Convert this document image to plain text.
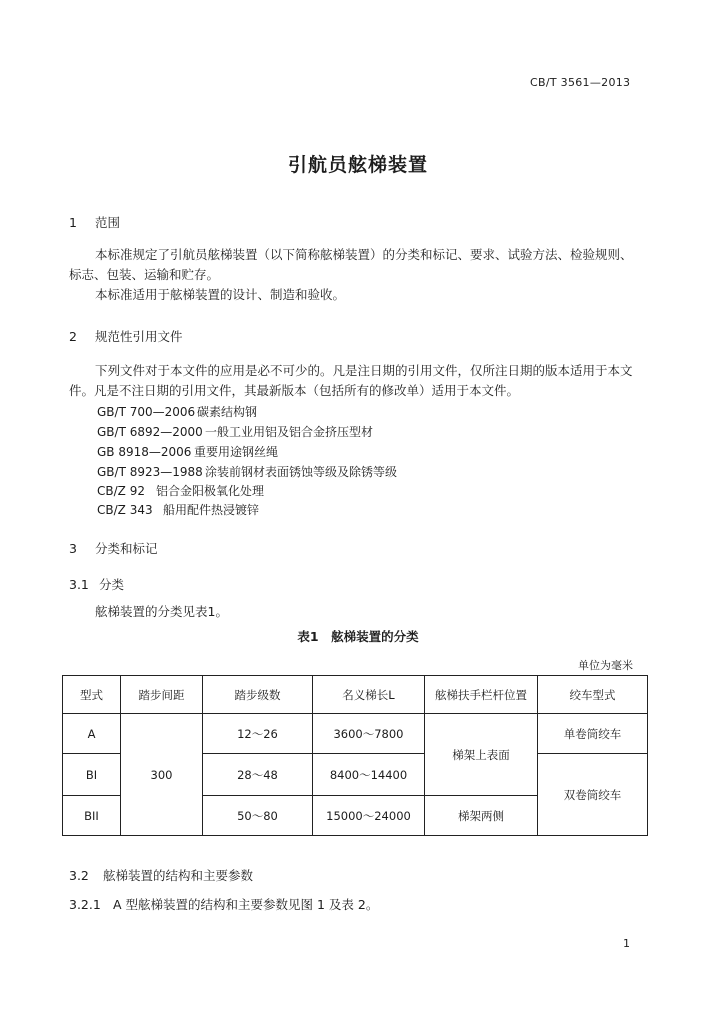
CB/T 3561—2013
引航员舷梯装置
1 范围
本标准规定了引航员舷梯装置（以下简称舷梯装置）的分类和标记、要求、试验方法、检验规则、
标志、包装、运输和贮存。
本标准适用于舷梯装置的设计、制造和验收。
2 规范性引用文件
下列文件对于本文件的应用是必不可少的。凡是注日期的引用文件，仅所注日期的版本适用于本文
件。凡是不注日期的引用文件，其最新版本（包括所有的修改单）适用于本文件。
GB/T 700—2006 碳素结构钢
GB/T 6892—2000 一般工业用铝及铝合金挤压型材
GB 8918—2006 重要用途钢丝绳
GB/T 8923—1988 涂装前钢材表面锈蚀等级及除锈等级
CB/Z 92 铝合金阳极氧化处理
CB/Z 343 船用配件热浸镀锌
3 分类和标记
3.1 分类
舷梯装置的分类见表1。
表1　舷梯装置的分类
单位为毫米
型式	踏步间距	踏步级数	名义梯长L	舷梯扶手栏杆位置	绞车型式
A	300	12～26	3600～7800	梯架上表面	单卷筒绞车
BI		28～48	8400～14400		双卷筒绞车
BII		50～80	15000～24000	梯架两侧	
3.2 舷梯装置的结构和主要参数
3.2.1 A 型舷梯装置的结构和主要参数见图 1 及表 2。
1
